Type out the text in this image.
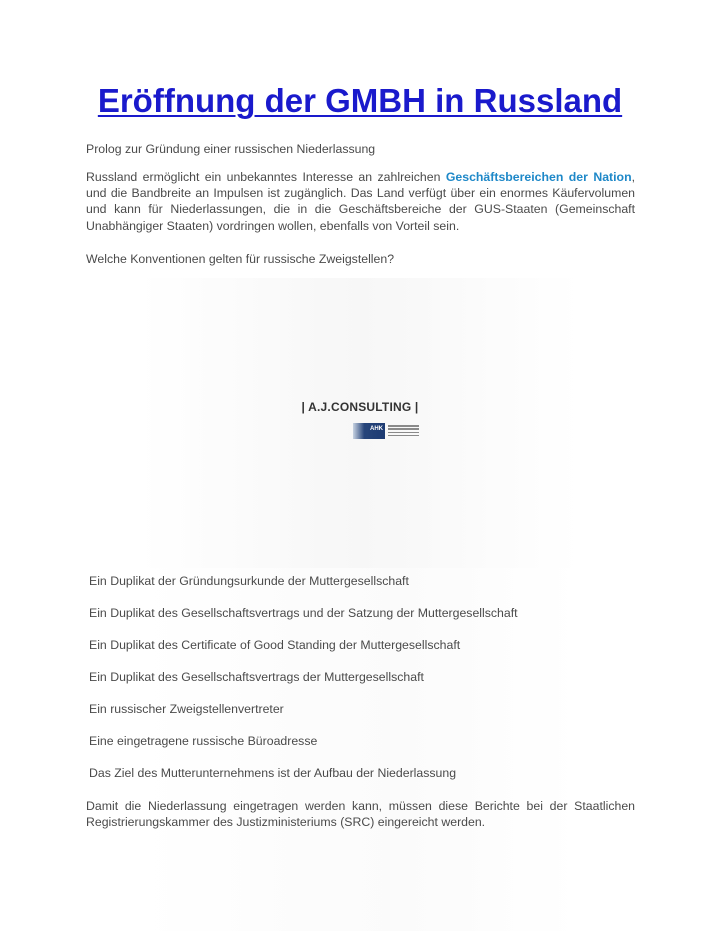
Eröffnung der GMBH in Russland

Prolog zur Gründung einer russischen Niederlassung

Russland ermöglicht ein unbekanntes Interesse an zahlreichen Geschäftsbereichen der Nation, und die Bandbreite an Impulsen ist zugänglich. Das Land verfügt über ein enormes Käufervolumen und kann für Niederlassungen, die in die Geschäftsbereiche der GUS-Staaten (Gemeinschaft Unabhängiger Staaten) vordringen wollen, ebenfalls von Vorteil sein.

Welche Konventionen gelten für russische Zweigstellen?

| A.J.CONSULTING |
AHK

Ein Duplikat der Gründungsurkunde der Muttergesellschaft

Ein Duplikat des Gesellschaftsvertrags und der Satzung der Muttergesellschaft

Ein Duplikat des Certificate of Good Standing der Muttergesellschaft

Ein Duplikat des Gesellschaftsvertrags der Muttergesellschaft

Ein russischer Zweigstellenvertreter

Eine eingetragene russische Büroadresse

Das Ziel des Mutterunternehmens ist der Aufbau der Niederlassung

Damit die Niederlassung eingetragen werden kann, müssen diese Berichte bei der Staatlichen Registrierungskammer des Justizministeriums (SRC) eingereicht werden.
